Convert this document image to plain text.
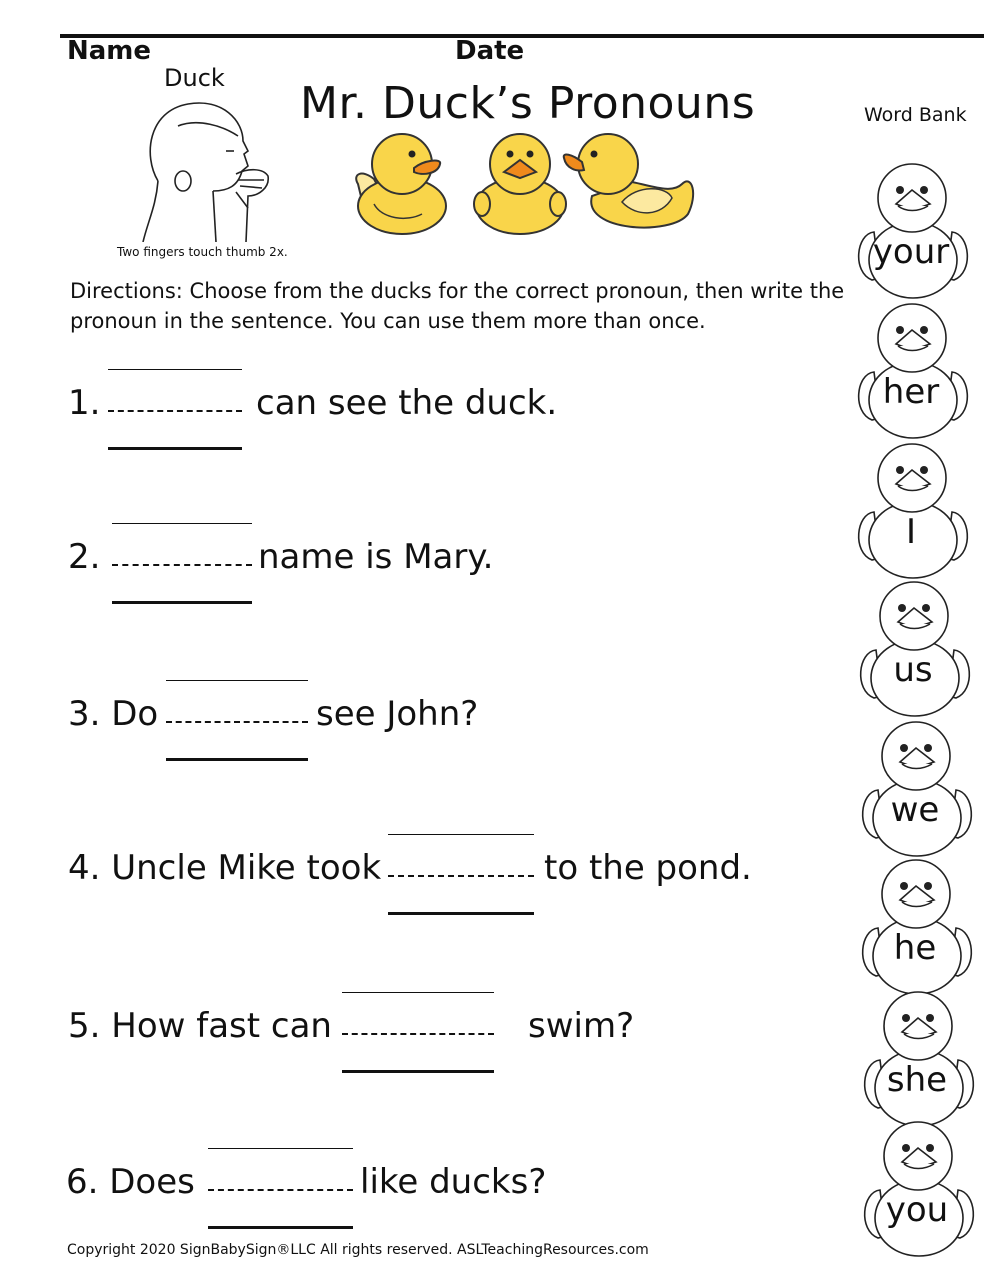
Name	Date
Mr. Duck’s Pronouns
Duck
Two fingers touch thumb 2x.
Word Bank
your
her
I
us
we
he
she
you
Directions: Choose from the ducks for the correct pronoun, then write the pronoun in the sentence. You can use them more than once.
1.	can see the duck.
2.	name is Mary.
3. Do	see John?
4. Uncle Mike took	to the pond.
5. How fast can	swim?
6. Does	like ducks?
Copyright 2020 SignBabySign®LLC All rights reserved. ASLTeachingResources.com
